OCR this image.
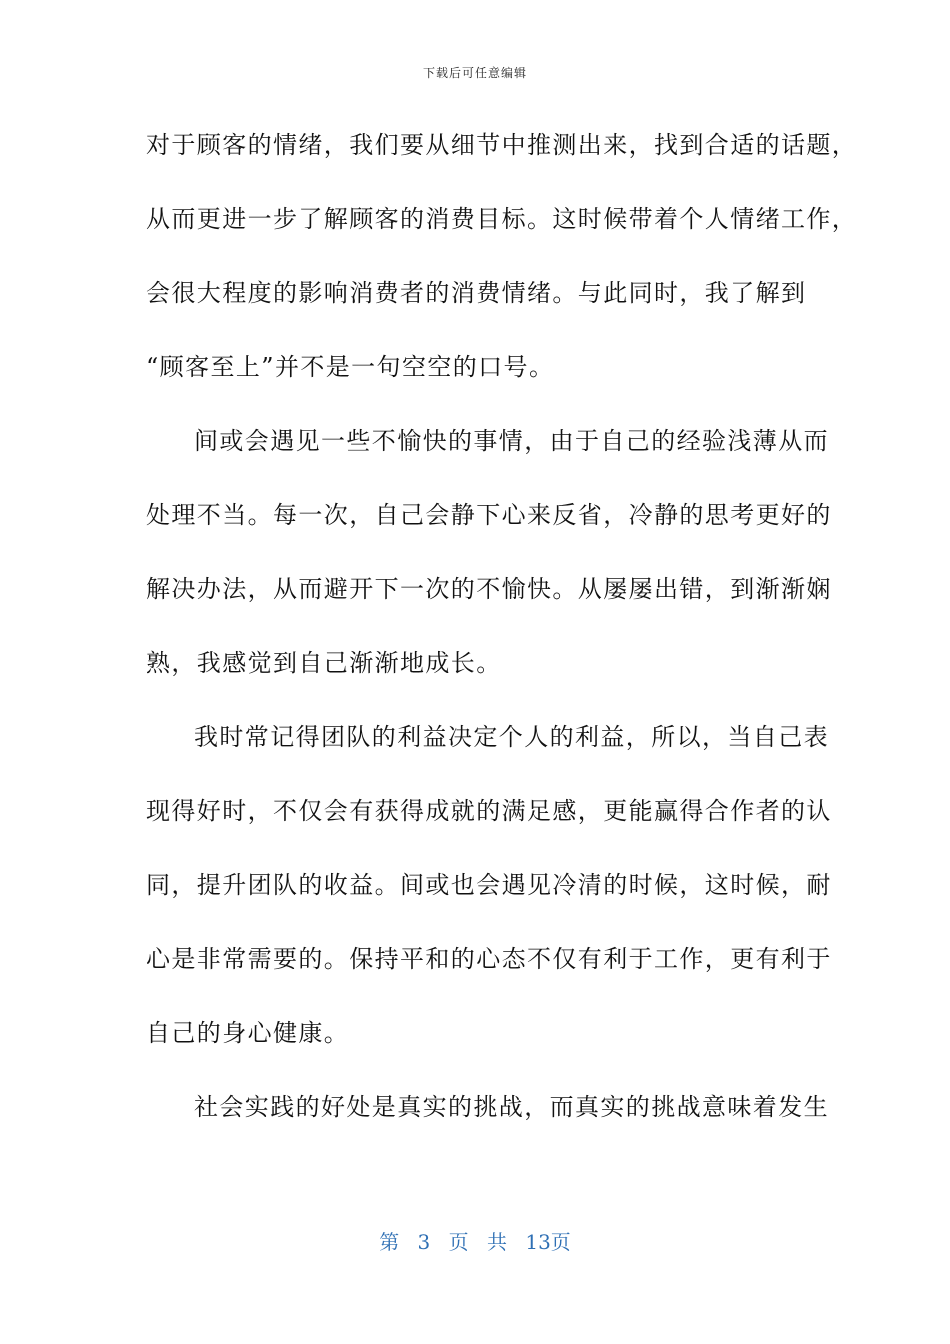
下载后可任意编辑
对于顾客的情绪，我们要从细节中推测出来，找到合适的话题，
从而更进一步了解顾客的消费目标。这时候带着个人情绪工作，
会很大程度的影响消费者的消费情绪。与此同时，我了解到
“顾客至上”并不是一句空空的口号。
间或会遇见一些不愉快的事情，由于自己的经验浅薄从而
处理不当。每一次，自己会静下心来反省，冷静的思考更好的
解决办法，从而避开下一次的不愉快。从屡屡出错，到渐渐娴
熟，我感觉到自己渐渐地成长。
我时常记得团队的利益决定个人的利益，所以，当自己表
现得好时，不仅会有获得成就的满足感，更能赢得合作者的认
同，提升团队的收益。间或也会遇见冷清的时候，这时候，耐
心是非常需要的。保持平和的心态不仅有利于工作，更有利于
自己的身心健康。
社会实践的好处是真实的挑战，而真实的挑战意味着发生
第 3 页 共 13页
